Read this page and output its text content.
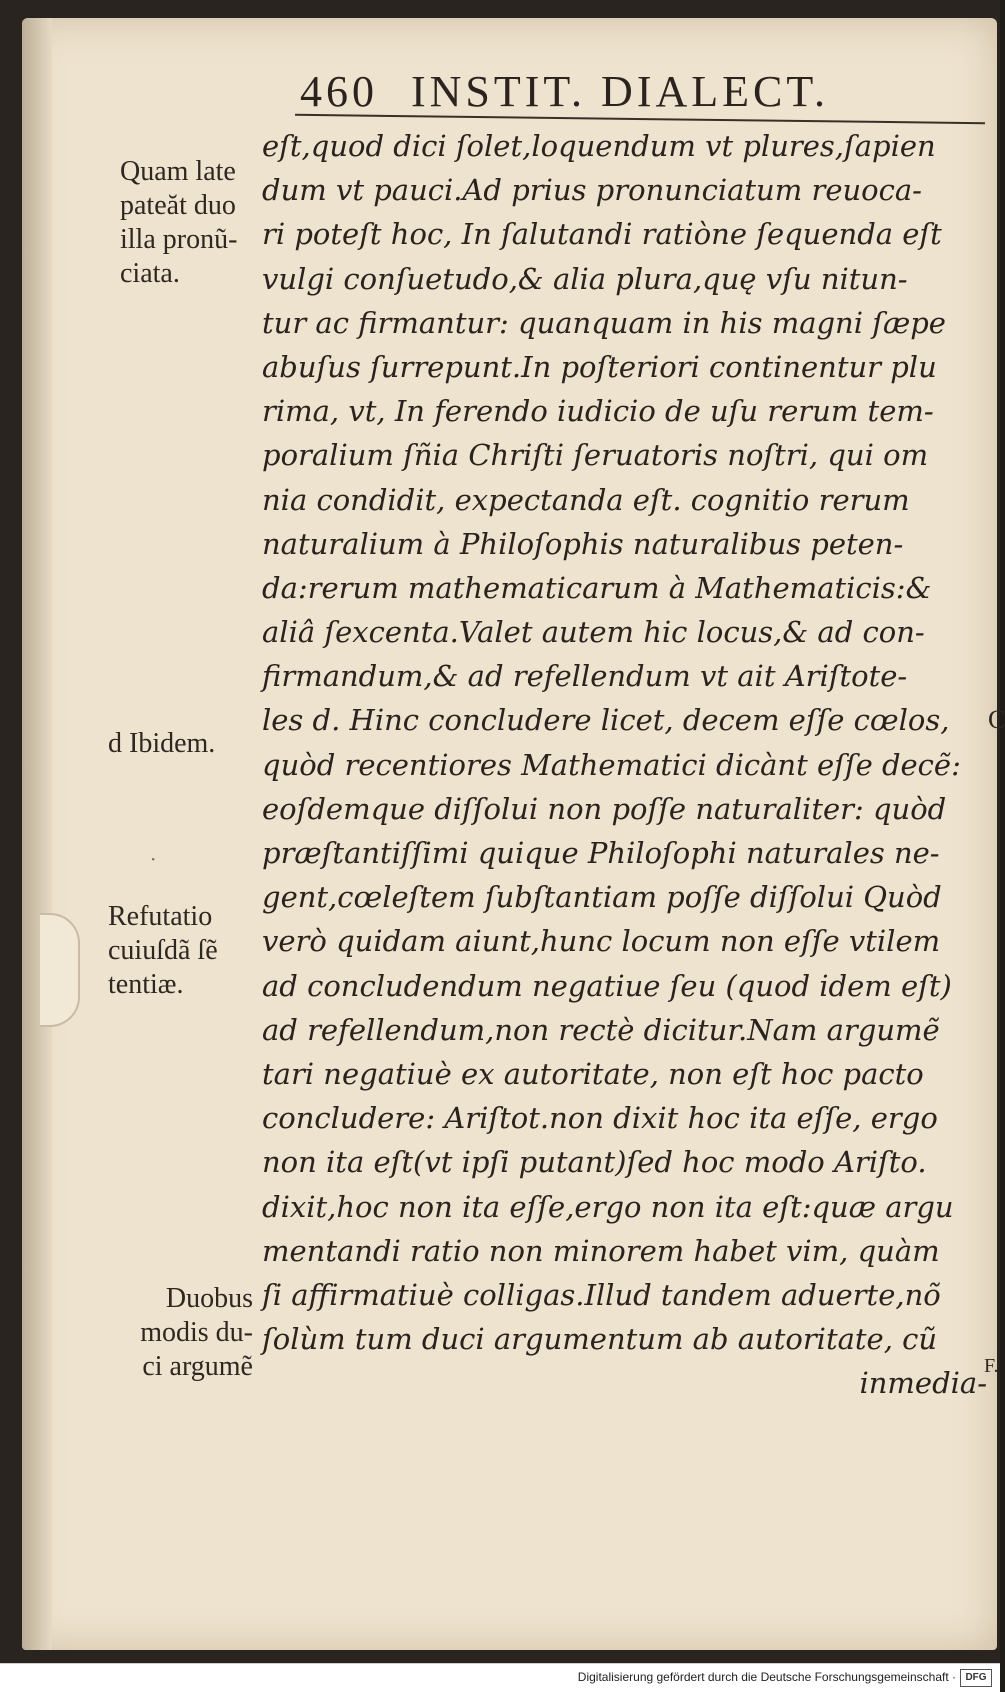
460 INSTIT. DIALECT.
eſt,quod dici ſolet,loquendum vt plures,ſapien
dum vt pauci.Ad prius pronunciatum reuoca-
ri poteſt hoc, In ſalutandi ratiòne ſequenda eſt
vulgi conſuetudo,& alia plura,quę vſu nitun-
tur ac firmantur: quanquam in his magni ſæpe
abuſus ſurrepunt.In poſteriori continentur plu
rima, vt, In ferendo iudicio de uſu rerum tem-
poralium ſñia Chriſti ſeruatoris noſtri, qui om
nia condidit, expectanda eſt. cognitio rerum
naturalium à Philoſophis naturalibus peten-
da:rerum mathematicarum à Mathematicis:&
aliâ ſexcenta.Valet autem hic locus,& ad con-
firmandum,& ad refellendum vt ait Ariſtote-
les d. Hinc concludere licet, decem eſſe cœlos,
quòd recentiores Mathematici dicànt eſſe decẽ:
eoſdemque diſſolui non poſſe naturaliter: quòd
præſtantiſſimi quique Philoſophi naturales ne-
gent,cœleſtem ſubſtantiam poſſe diſſolui Quòd
verò quidam aiunt,hunc locum non eſſe vtilem
ad concludendum negatiue ſeu (quod idem eſt)
ad refellendum,non rectè dicitur.Nam argumẽ
tari negatiuè ex autoritate, non eſt hoc pacto
concludere: Ariſtot.non dixit hoc ita eſſe, ergo
non ita eſt(vt ipſi putant)ſed hoc modo Ariſto.
dixit,hoc non ita eſſe,ergo non ita eſt:quæ argu
mentandi ratio non minorem habet vim, quàm
ſi affirmatiuè colligas.Illud tandem aduerte,nõ
ſolùm tum duci argumentum ab autoritate, cũ
inmedia-
Quam late
pateăt duo
illa pronũ-
ciata.
d Ibidem.
·
Refutatio
cuiuſdã ſẽ
tentiæ.
Duobus
modis du-
ci argumẽ
C
F.
Digitalisierung gefördert durch die Deutsche Forschungsgemeinschaft · DFG
